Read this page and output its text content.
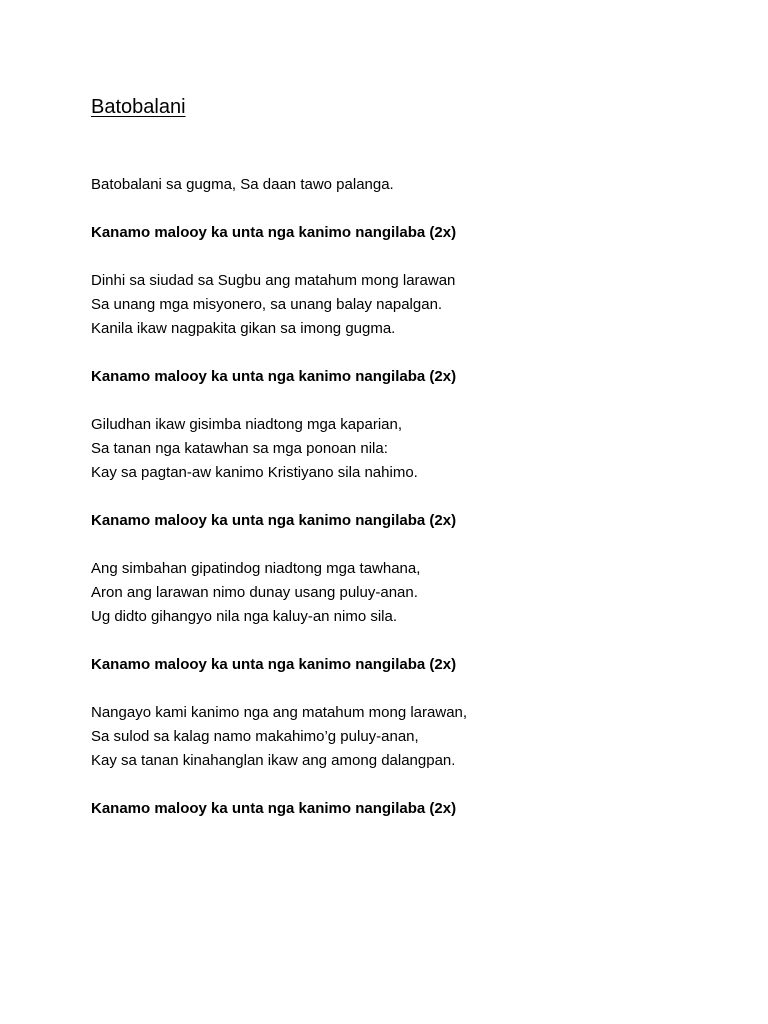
Batobalani
Batobalani sa gugma, Sa daan tawo palanga.
Kanamo malooy ka unta nga kanimo nangilaba (2x)
Dinhi sa siudad sa Sugbu ang matahum mong larawan
Sa unang mga misyonero, sa unang balay napalgan.
Kanila ikaw nagpakita gikan sa imong gugma.
Kanamo malooy ka unta nga kanimo nangilaba (2x)
Giludhan ikaw gisimba niadtong mga kaparian,
Sa tanan nga katawhan sa mga ponoan nila:
Kay sa pagtan-aw kanimo Kristiyano sila nahimo.
Kanamo malooy ka unta nga kanimo nangilaba (2x)
Ang simbahan gipatindog niadtong mga tawhana,
Aron ang larawan nimo dunay usang puluy-anan.
Ug didto gihangyo nila nga kaluy-an nimo sila.
Kanamo malooy ka unta nga kanimo nangilaba (2x)
Nangayo kami kanimo nga ang matahum mong larawan,
Sa sulod sa kalag namo makahimo’g puluy-anan,
Kay sa tanan kinahanglan ikaw ang among dalangpan.
Kanamo malooy ka unta nga kanimo nangilaba (2x)
